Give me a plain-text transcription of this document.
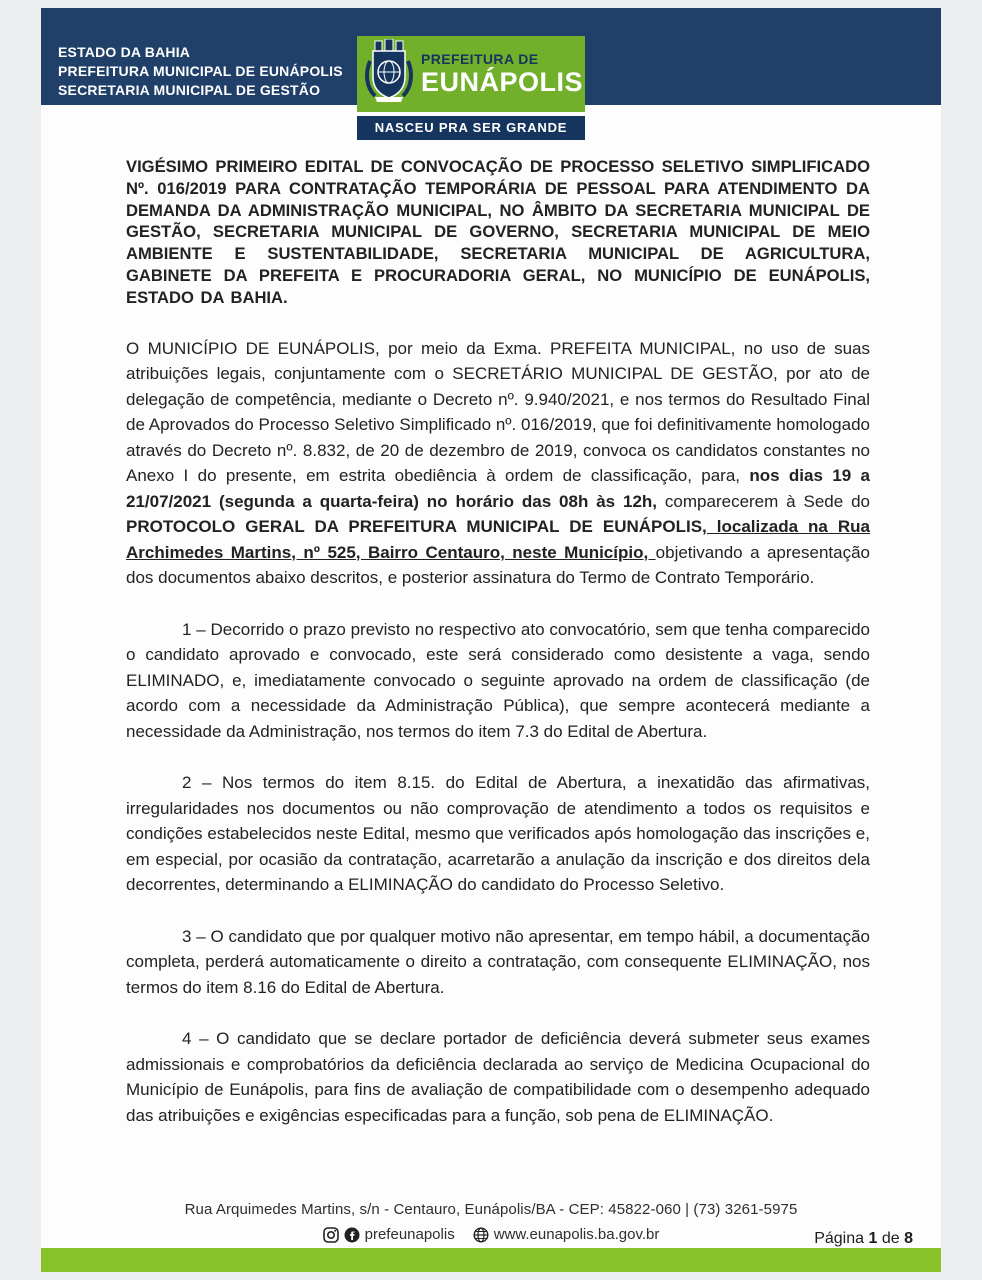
ESTADO DA BAHIA
PREFEITURA MUNICIPAL DE EUNÁPOLIS
SECRETARIA MUNICIPAL DE GESTÃO
PREFEITURA DE
EUNÁPOLIS
NASCEU PRA SER GRANDE

VIGÉSIMO PRIMEIRO EDITAL DE CONVOCAÇÃO DE PROCESSO SELETIVO SIMPLIFICADO Nº. 016/2019 PARA CONTRATAÇÃO TEMPORÁRIA DE PESSOAL PARA ATENDIMENTO DA DEMANDA DA ADMINISTRAÇÃO MUNICIPAL, NO ÂMBITO DA SECRETARIA MUNICIPAL DE GESTÃO, SECRETARIA MUNICIPAL DE GOVERNO, SECRETARIA MUNICIPAL DE MEIO AMBIENTE E SUSTENTABILIDADE, SECRETARIA MUNICIPAL DE AGRICULTURA, GABINETE DA PREFEITA E PROCURADORIA GERAL, NO MUNICÍPIO DE EUNÁPOLIS, ESTADO DA BAHIA.

O MUNICÍPIO DE EUNÁPOLIS, por meio da Exma. PREFEITA MUNICIPAL, no uso de suas atribuições legais, conjuntamente com o SECRETÁRIO MUNICIPAL DE GESTÃO, por ato de delegação de competência, mediante o Decreto nº. 9.940/2021, e nos termos do Resultado Final de Aprovados do Processo Seletivo Simplificado nº. 016/2019, que foi definitivamente homologado através do Decreto nº. 8.832, de 20 de dezembro de 2019, convoca os candidatos constantes no Anexo I do presente, em estrita obediência à ordem de classificação, para, nos dias 19 a 21/07/2021 (segunda a quarta-feira) no horário das 08h às 12h, comparecerem à Sede do PROTOCOLO GERAL DA PREFEITURA MUNICIPAL DE EUNÁPOLIS, localizada na Rua Archimedes Martins, nº 525, Bairro Centauro, neste Município, objetivando a apresentação dos documentos abaixo descritos, e posterior assinatura do Termo de Contrato Temporário.

1 – Decorrido o prazo previsto no respectivo ato convocatório, sem que tenha comparecido o candidato aprovado e convocado, este será considerado como desistente a vaga, sendo ELIMINADO, e, imediatamente convocado o seguinte aprovado na ordem de classificação (de acordo com a necessidade da Administração Pública), que sempre acontecerá mediante a necessidade da Administração, nos termos do item 7.3 do Edital de Abertura.

2 – Nos termos do item 8.15. do Edital de Abertura, a inexatidão das afirmativas, irregularidades nos documentos ou não comprovação de atendimento a todos os requisitos e condições estabelecidos neste Edital, mesmo que verificados após homologação das inscrições e, em especial, por ocasião da contratação, acarretarão a anulação da inscrição e dos direitos dela decorrentes, determinando a ELIMINAÇÃO do candidato do Processo Seletivo.

3 – O candidato que por qualquer motivo não apresentar, em tempo hábil, a documentação completa, perderá automaticamente o direito a contratação, com consequente ELIMINAÇÃO, nos termos do item 8.16 do Edital de Abertura.

4 – O candidato que se declare portador de deficiência deverá submeter seus exames admissionais e comprobatórios da deficiência declarada ao serviço de Medicina Ocupacional do Município de Eunápolis, para fins de avaliação de compatibilidade com o desempenho adequado das atribuições e exigências especificadas para a função, sob pena de ELIMINAÇÃO.

Rua Arquimedes Martins, s/n - Centauro, Eunápolis/BA - CEP: 45822-060 | (73) 3261-5975
prefeunapolis	www.eunapolis.ba.gov.br	Página 1 de 8
